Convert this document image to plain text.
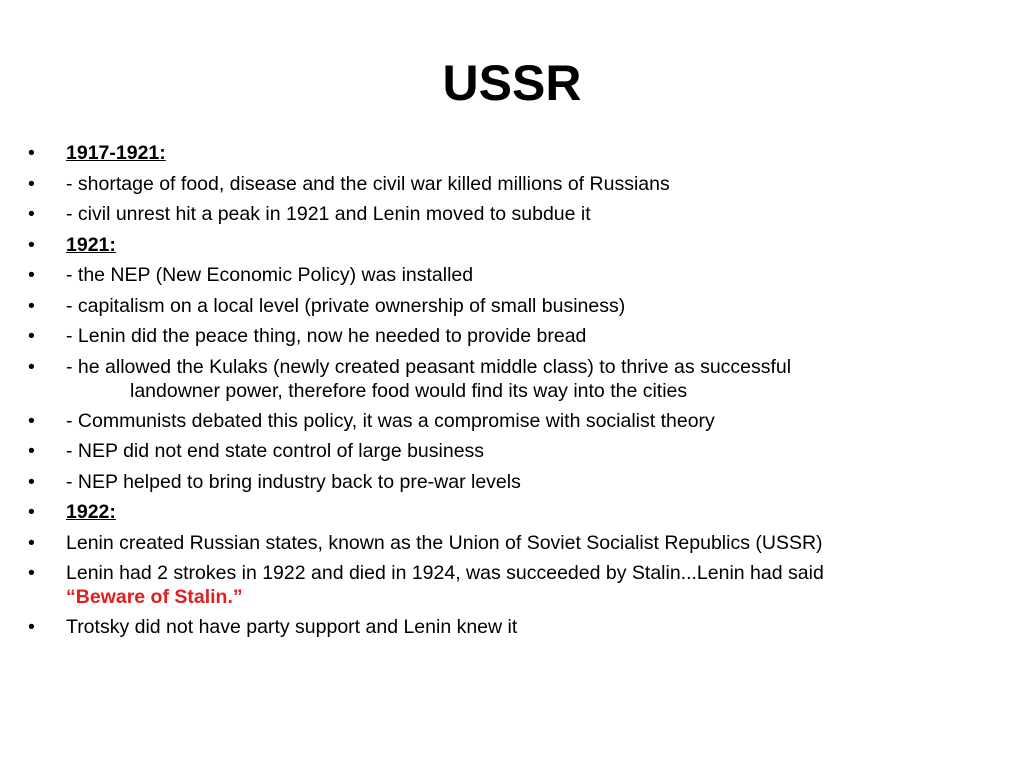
USSR
•	1917-1921:
•	- shortage of food, disease and the civil war killed millions of Russians
•	- civil unrest hit a peak in 1921 and Lenin moved to subdue it
•	1921:
•	- the NEP (New Economic Policy) was installed
•	- capitalism on a local level (private ownership of small business)
•	- Lenin did the peace thing, now he needed to provide bread
•	- he allowed the Kulaks (newly created peasant middle class) to thrive as successful
landowner power, therefore food would find its way into the cities
•	- Communists debated this policy, it was a compromise with socialist theory
•	- NEP did not end state control of large business
•	- NEP helped to bring industry back to pre-war levels
•	1922:
•	Lenin created Russian states, known as the Union of Soviet Socialist Republics (USSR)
•	Lenin had 2 strokes in 1922 and died in 1924, was succeeded by Stalin...Lenin had said
“Beware of Stalin.”
•	Trotsky did not have party support and Lenin knew it
